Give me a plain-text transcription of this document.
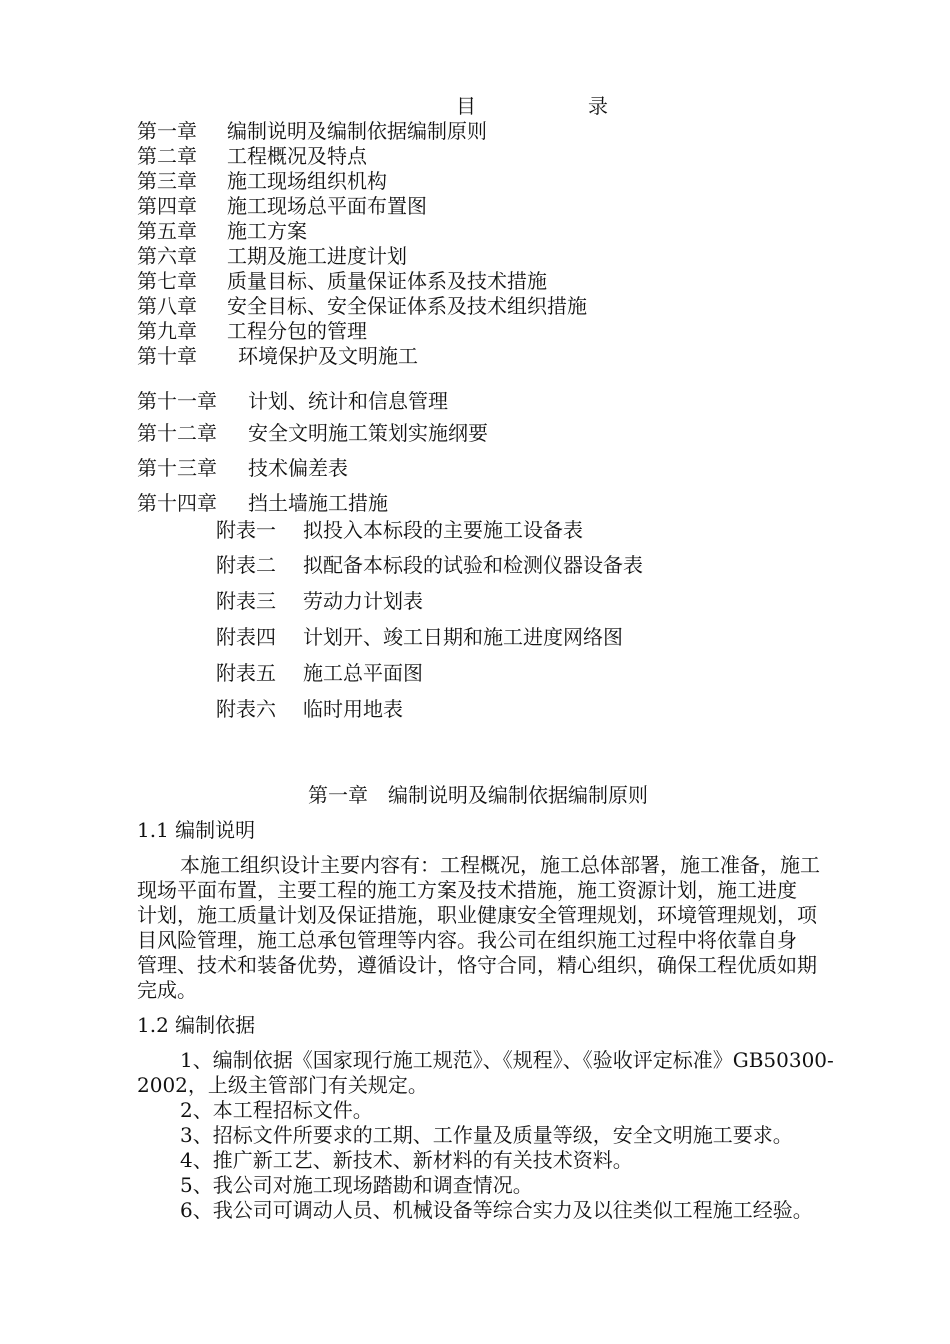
目　录
第一章 编制说明及编制依据编制原则
第二章 工程概况及特点
第三章 施工现场组织机构
第四章 施工现场总平面布置图
第五章 施工方案
第六章 工期及施工进度计划
第七章 质量目标、质量保证体系及技术措施
第八章 安全目标、安全保证体系及技术组织措施
第九章 工程分包的管理
第十章 环境保护及文明施工
第十一章 计划、统计和信息管理
第十二章 安全文明施工策划实施纲要
第十三章 技术偏差表
第十四章 挡土墙施工措施
附表一 拟投入本标段的主要施工设备表
附表二 拟配备本标段的试验和检测仪器设备表
附表三 劳动力计划表
附表四 计划开、竣工日期和施工进度网络图
附表五 施工总平面图
附表六 临时用地表
第一章　编制说明及编制依据编制原则
1.1 编制说明
本施工组织设计主要内容有：工程概况，施工总体部署，施工准备，施工
现场平面布置，主要工程的施工方案及技术措施，施工资源计划，施工进度
计划，施工质量计划及保证措施，职业健康安全管理规划，环境管理规划，项
目风险管理，施工总承包管理等内容。我公司在组织施工过程中将依靠自身
管理、技术和装备优势，遵循设计，恪守合同，精心组织，确保工程优质如期
完成。
1.2 编制依据
1、编制依据《国家现行施工规范》、《规程》、《验收评定标准》GB50300-
2002，上级主管部门有关规定。
2、本工程招标文件。
3、招标文件所要求的工期、工作量及质量等级，安全文明施工要求。
4、推广新工艺、新技术、新材料的有关技术资料。
5、我公司对施工现场踏勘和调查情况。
6、我公司可调动人员、机械设备等综合实力及以往类似工程施工经验。
